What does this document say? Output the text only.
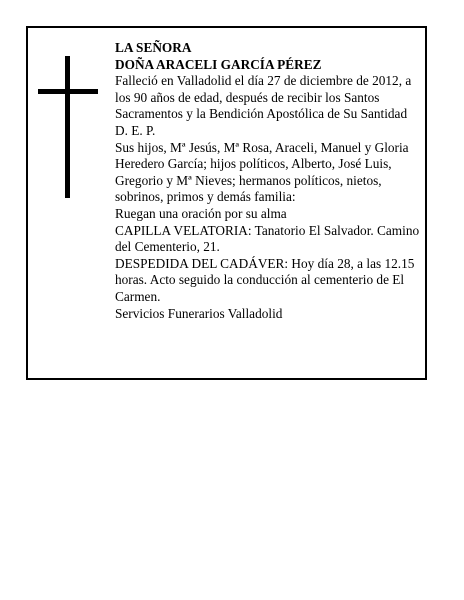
LA SEÑORA

DOÑA ARACELI GARCÍA PÉREZ

Falleció en Valladolid el día 27 de diciembre de 2012, a los 90 años de edad, después de recibir los Santos Sacramentos y la Bendición Apostólica de Su Santidad D. E. P.

Sus hijos, Mª Jesús, Mª Rosa, Araceli, Manuel y Gloria Heredero García; hijos políticos, Alberto, José Luis, Gregorio y Mª Nieves; hermanos políticos, nietos, sobrinos, primos y demás familia:

Ruegan una oración por su alma

CAPILLA VELATORIA: Tanatorio El Salvador. Camino del Cementerio, 21.

DESPEDIDA DEL CADÁVER: Hoy día 28, a las 12.15 horas. Acto seguido la conducción al cementerio de El Carmen.

Servicios Funerarios Valladolid
